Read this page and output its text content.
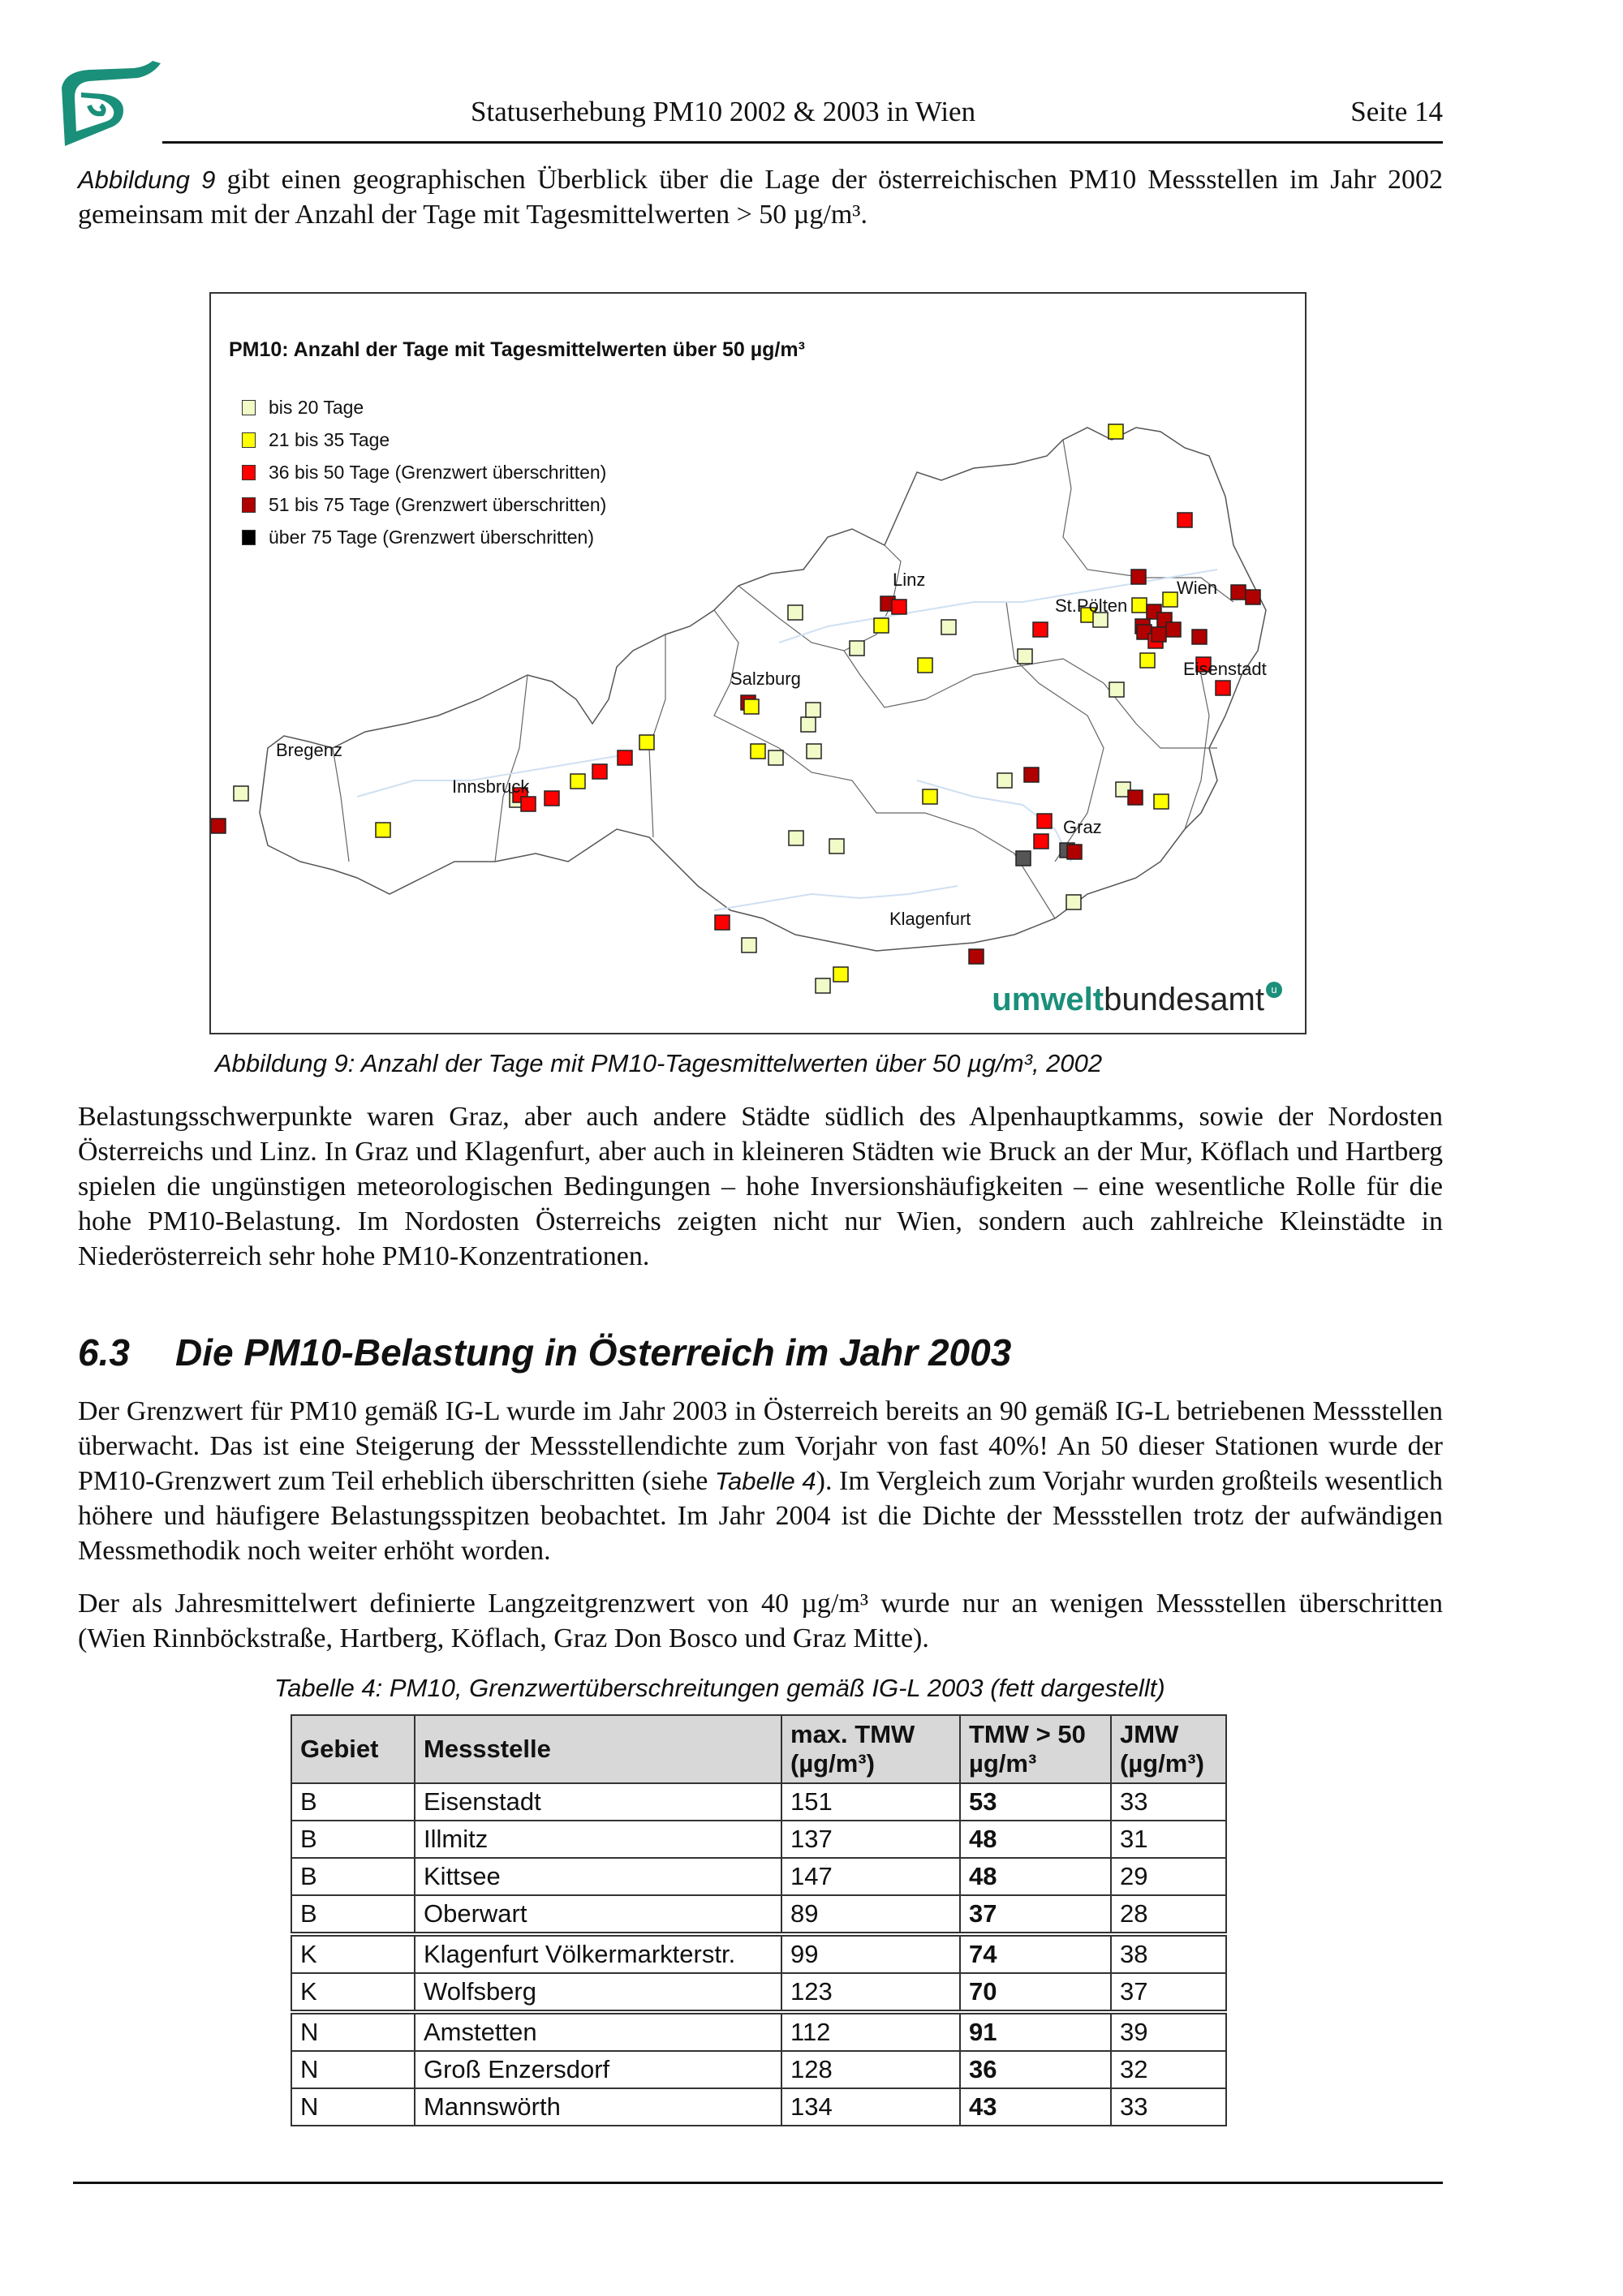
Statuserhebung PM10 2002 & 2003 in Wien	Seite 14
Abbildung 9 gibt einen geographischen Überblick über die Lage der österreichischen PM10 Messstellen im Jahr 2002 gemeinsam mit der Anzahl der Tage mit Tagesmittelwerten > 50 µg/m³.
PM10: Anzahl der Tage mit Tagesmittelwerten über 50 µg/m³
bis 20 Tage
21 bis 35 Tage
36 bis 50 Tage (Grenzwert überschritten)
51 bis 75 Tage (Grenzwert überschritten)
über 75 Tage (Grenzwert überschritten)
Linz	Wien
St.Pölten
Salzburg	Eisenstadt
Bregenz
Innsbruck
Graz
Klagenfurt
umweltbundesamt u
Abbildung 9: Anzahl der Tage mit PM10-Tagesmittelwerten über 50 µg/m³, 2002
Belastungsschwerpunkte waren Graz, aber auch andere Städte südlich des Alpenhauptkamms, sowie der Nordosten Österreichs und Linz. In Graz und Klagenfurt, aber auch in kleineren Städten wie Bruck an der Mur, Köflach und Hartberg spielen die ungünstigen meteorologischen Bedingungen – hohe Inversionshäufigkeiten – eine wesentliche Rolle für die hohe PM10-Belastung. Im Nordosten Österreichs zeigten nicht nur Wien, sondern auch zahlreiche Kleinstädte in Niederösterreich sehr hohe PM10-Konzentrationen.
6.3 Die PM10-Belastung in Österreich im Jahr 2003
Der Grenzwert für PM10 gemäß IG-L wurde im Jahr 2003 in Österreich bereits an 90 gemäß IG-L betriebenen Messstellen überwacht. Das ist eine Steigerung der Messstellendichte zum Vorjahr von fast 40%! An 50 dieser Stationen wurde der PM10-Grenzwert zum Teil erheblich überschritten (siehe Tabelle 4). Im Vergleich zum Vorjahr wurden großteils wesentlich höhere und häufigere Belastungsspitzen beobachtet. Im Jahr 2004 ist die Dichte der Messstellen trotz der aufwändigen Messmethodik noch weiter erhöht worden.
Der als Jahresmittelwert definierte Langzeitgrenzwert von 40 µg/m³ wurde nur an wenigen Messstellen überschritten (Wien Rinnböckstraße, Hartberg, Köflach, Graz Don Bosco und Graz Mitte).
Tabelle 4: PM10, Grenzwertüberschreitungen gemäß IG-L 2003 (fett dargestellt)
Gebiet	Messstelle	max. TMW (µg/m³)	TMW > 50 µg/m³	JMW (µg/m³)
B	Eisenstadt	151	53	33
B	Illmitz	137	48	31
B	Kittsee	147	48	29
B	Oberwart	89	37	28
K	Klagenfurt Völkermarkterstr.	99	74	38
K	Wolfsberg	123	70	37
N	Amstetten	112	91	39
N	Groß Enzersdorf	128	36	32
N	Mannswörth	134	43	33
